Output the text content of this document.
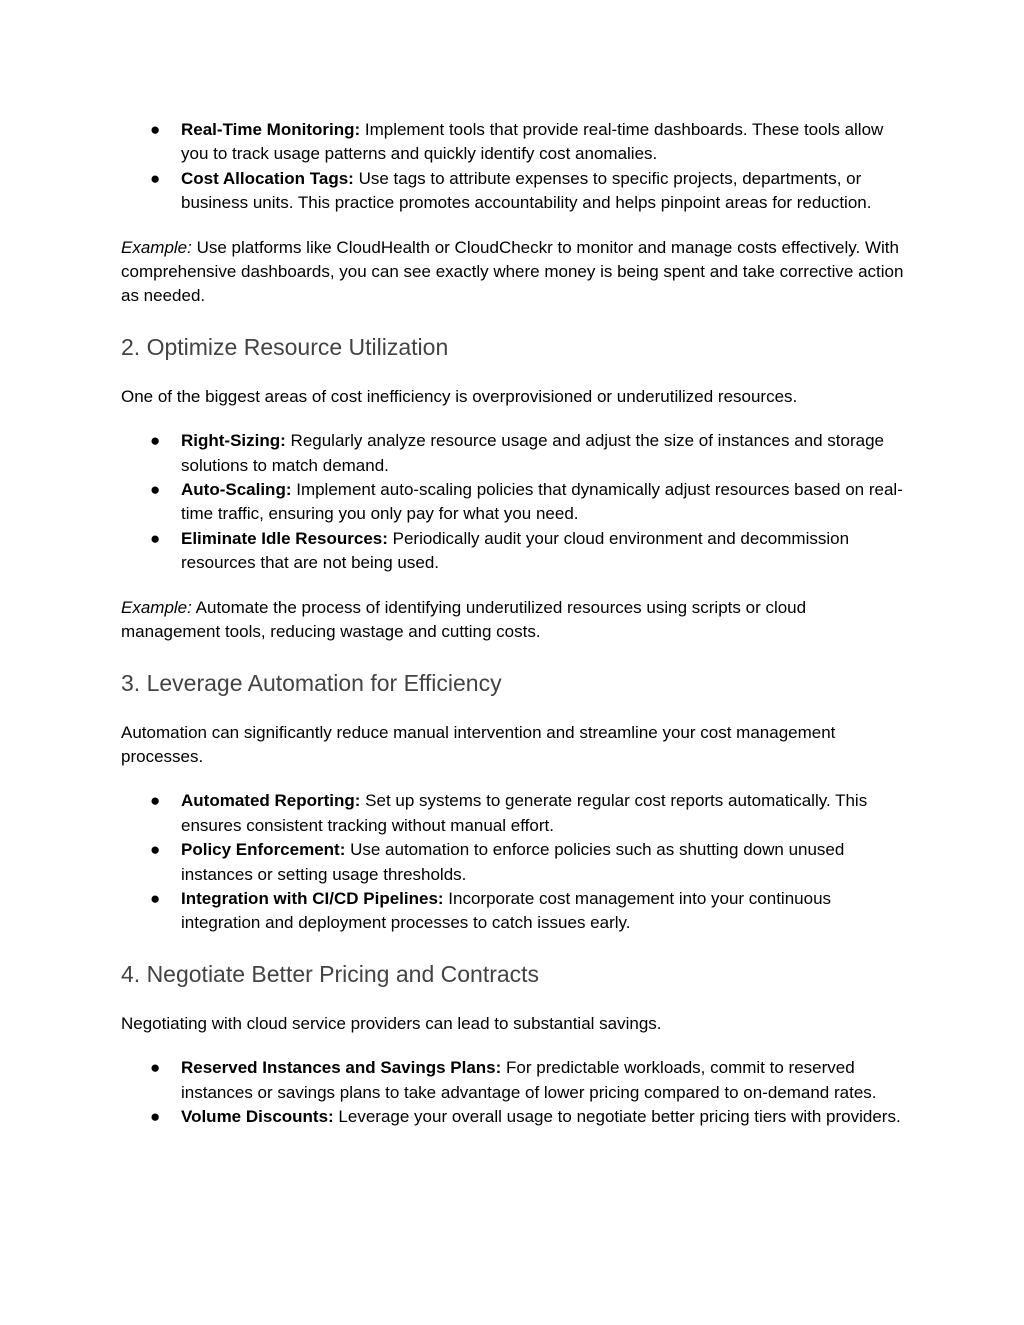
● Real-Time Monitoring: Implement tools that provide real-time dashboards. These tools allow you to track usage patterns and quickly identify cost anomalies.
● Cost Allocation Tags: Use tags to attribute expenses to specific projects, departments, or business units. This practice promotes accountability and helps pinpoint areas for reduction.

Example: Use platforms like CloudHealth or CloudCheckr to monitor and manage costs effectively. With comprehensive dashboards, you can see exactly where money is being spent and take corrective action as needed.

2. Optimize Resource Utilization

One of the biggest areas of cost inefficiency is overprovisioned or underutilized resources.

● Right-Sizing: Regularly analyze resource usage and adjust the size of instances and storage solutions to match demand.
● Auto-Scaling: Implement auto-scaling policies that dynamically adjust resources based on real-time traffic, ensuring you only pay for what you need.
● Eliminate Idle Resources: Periodically audit your cloud environment and decommission resources that are not being used.

Example: Automate the process of identifying underutilized resources using scripts or cloud management tools, reducing wastage and cutting costs.

3. Leverage Automation for Efficiency

Automation can significantly reduce manual intervention and streamline your cost management processes.

● Automated Reporting: Set up systems to generate regular cost reports automatically. This ensures consistent tracking without manual effort.
● Policy Enforcement: Use automation to enforce policies such as shutting down unused instances or setting usage thresholds.
● Integration with CI/CD Pipelines: Incorporate cost management into your continuous integration and deployment processes to catch issues early.
4. Negotiate Better Pricing and Contracts

Negotiating with cloud service providers can lead to substantial savings.

● Reserved Instances and Savings Plans: For predictable workloads, commit to reserved instances or savings plans to take advantage of lower pricing compared to on-demand rates.
● Volume Discounts: Leverage your overall usage to negotiate better pricing tiers with providers.
